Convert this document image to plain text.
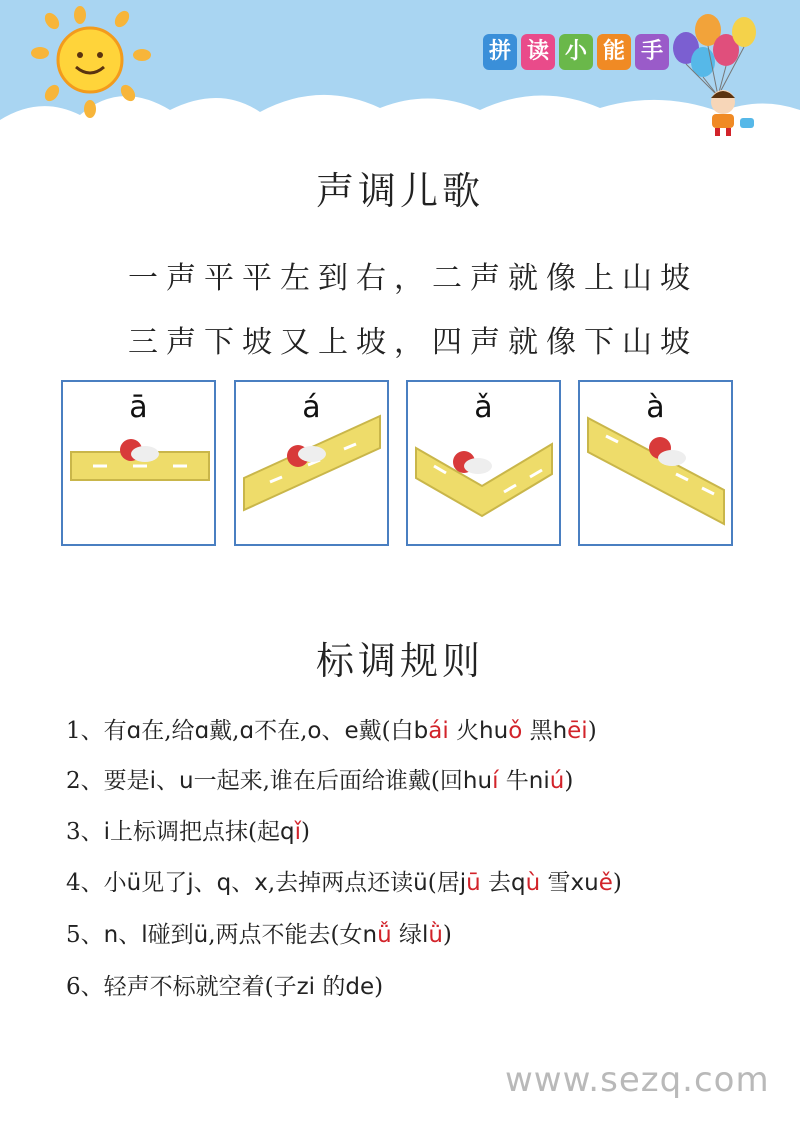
拼 读 小 能 手
声调儿歌
一声平平左到右，二声就像上山坡
三声下坡又上坡，四声就像下山坡
ā	á	ǎ	à
标调规则
1、有ɑ在,给ɑ戴,ɑ不在,o、e戴(白bái 火huǒ 黑hēi)
2、要是i、u一起来,谁在后面给谁戴(回huí 牛niú)
3、i上标调把点抹(起qǐ)
4、小ü见了j、q、x,去掉两点还读ü(居jū 去qù 雪xuě)
5、n、l碰到ü,两点不能去(女nǚ 绿lǜ)
6、轻声不标就空着(子zi 的de)
www.sezq.com
